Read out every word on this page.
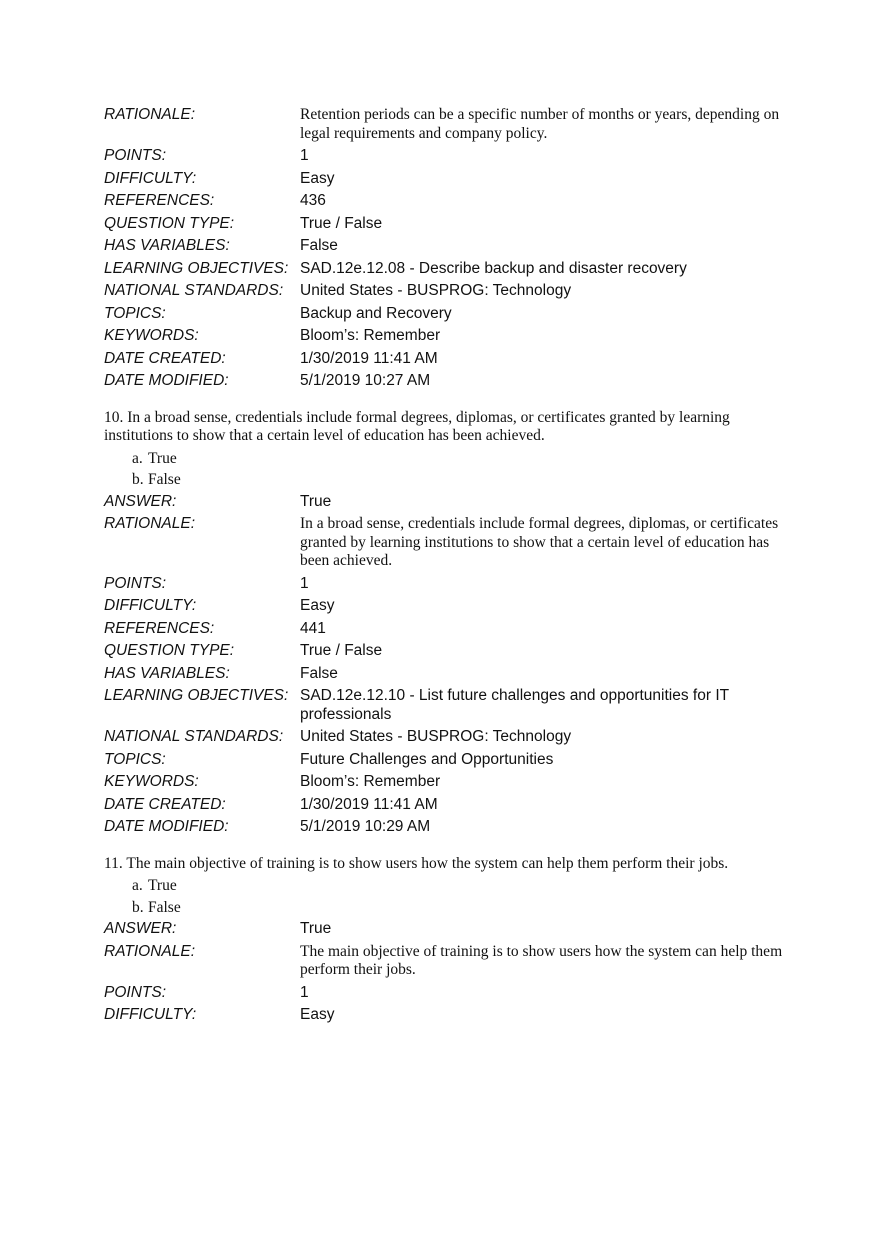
RATIONALE:	Retention periods can be a specific number of months or years, depending on legal requirements and company policy.
POINTS:	1
DIFFICULTY:	Easy
REFERENCES:	436
QUESTION TYPE:	True / False
HAS VARIABLES:	False
LEARNING OBJECTIVES: SAD.12e.12.08 - Describe backup and disaster recovery
NATIONAL STANDARDS:	United States - BUSPROG: Technology
TOPICS:	Backup and Recovery
KEYWORDS:	Bloom’s: Remember
DATE CREATED:	1/30/2019 11:41 AM
DATE MODIFIED:	5/1/2019 10:27 AM
10. In a broad sense, credentials include formal degrees, diplomas, or certificates granted by learning institutions to show that a certain level of education has been achieved.
a. True
b. False
ANSWER:	True
RATIONALE:	In a broad sense, credentials include formal degrees, diplomas, or certificates granted by learning institutions to show that a certain level of education has been achieved.
POINTS:	1
DIFFICULTY:	Easy
REFERENCES:	441
QUESTION TYPE:	True / False
HAS VARIABLES:	False
LEARNING OBJECTIVES: SAD.12e.12.10 - List future challenges and opportunities for IT professionals
NATIONAL STANDARDS:	United States - BUSPROG: Technology
TOPICS:	Future Challenges and Opportunities
KEYWORDS:	Bloom’s: Remember
DATE CREATED:	1/30/2019 11:41 AM
DATE MODIFIED:	5/1/2019 10:29 AM
11. The main objective of training is to show users how the system can help them perform their jobs.
a. True
b. False
ANSWER:	True
RATIONALE:	The main objective of training is to show users how the system can help them perform their jobs.
POINTS:	1
DIFFICULTY:	Easy
